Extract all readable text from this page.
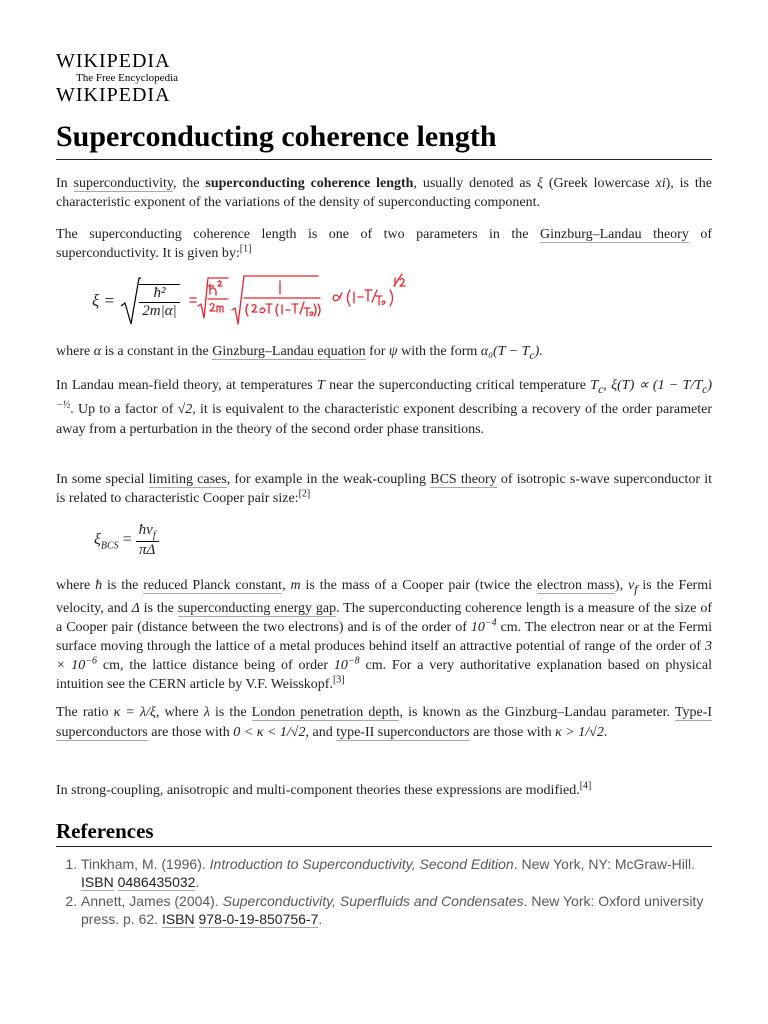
WIKIPEDIA
The Free Encyclopedia
WIKIPEDIA
Superconducting coherence length

In superconductivity, the superconducting coherence length, usually denoted as ξ (Greek lowercase xi), is the characteristic exponent of the variations of the density of superconducting component.

The superconducting coherence length is one of two parameters in the Ginzburg–Landau theory of superconductivity. It is given by:[1]

$\xi = \frac{\text{ħ²}}{2m|\alpha|}$

where α is a constant in the Ginzburg–Landau equation for ψ with the form $\alpha_0(T - T_c)$.

In Landau mean-field theory, at temperatures T near the superconducting critical temperature $T_c$, $\xi(T) \propto (1 - T/T_c)^{-\frac{1}{2}}$. Up to a factor of √2, it is equivalent to the characteristic exponent describing a recovery of the order parameter away from a perturbation in the theory of the second order phase transitions.

In some special limiting cases, for example in the weak-coupling BCS theory of isotropic s-wave superconductor it is related to characteristic Cooper pair size:[2]

$\xi_{BCS} = \frac{ħv_f}{\pi\Delta}$

where ħ is the reduced Planck constant, m is the mass of a Cooper pair (twice the electron mass), $v_f$ is the Fermi velocity, and Δ is the superconducting energy gap. The superconducting coherence length is a measure of the size of a Cooper pair (distance between the two electrons) and is of the order of $10^{-4}$ cm. The electron near or at the Fermi surface moving through the lattice of a metal produces behind itself an attractive potential of range of the order of $3 \times 10^{-6}$ cm, the lattice distance being of order $10^{-8}$ cm. For a very authoritative explanation based on physical intuition see the CERN article by V.F. Weisskopf.[3]

The ratio κ = λ/ξ, where λ is the London penetration depth, is known as the Ginzburg–Landau parameter. Type-I superconductors are those with 0 < κ < 1/√2, and type-II superconductors are those with κ > 1/√2.

In strong-coupling, anisotropic and multi-component theories these expressions are modified.[4]

References
1. Tinkham, M. (1996). Introduction to Superconductivity, Second Edition. New York, NY: McGraw-Hill. ISBN 0486435032.
2. Annett, James (2004). Superconductivity, Superfluids and Condensates. New York: Oxford university press. p. 62. ISBN 978-0-19-850756-7.
